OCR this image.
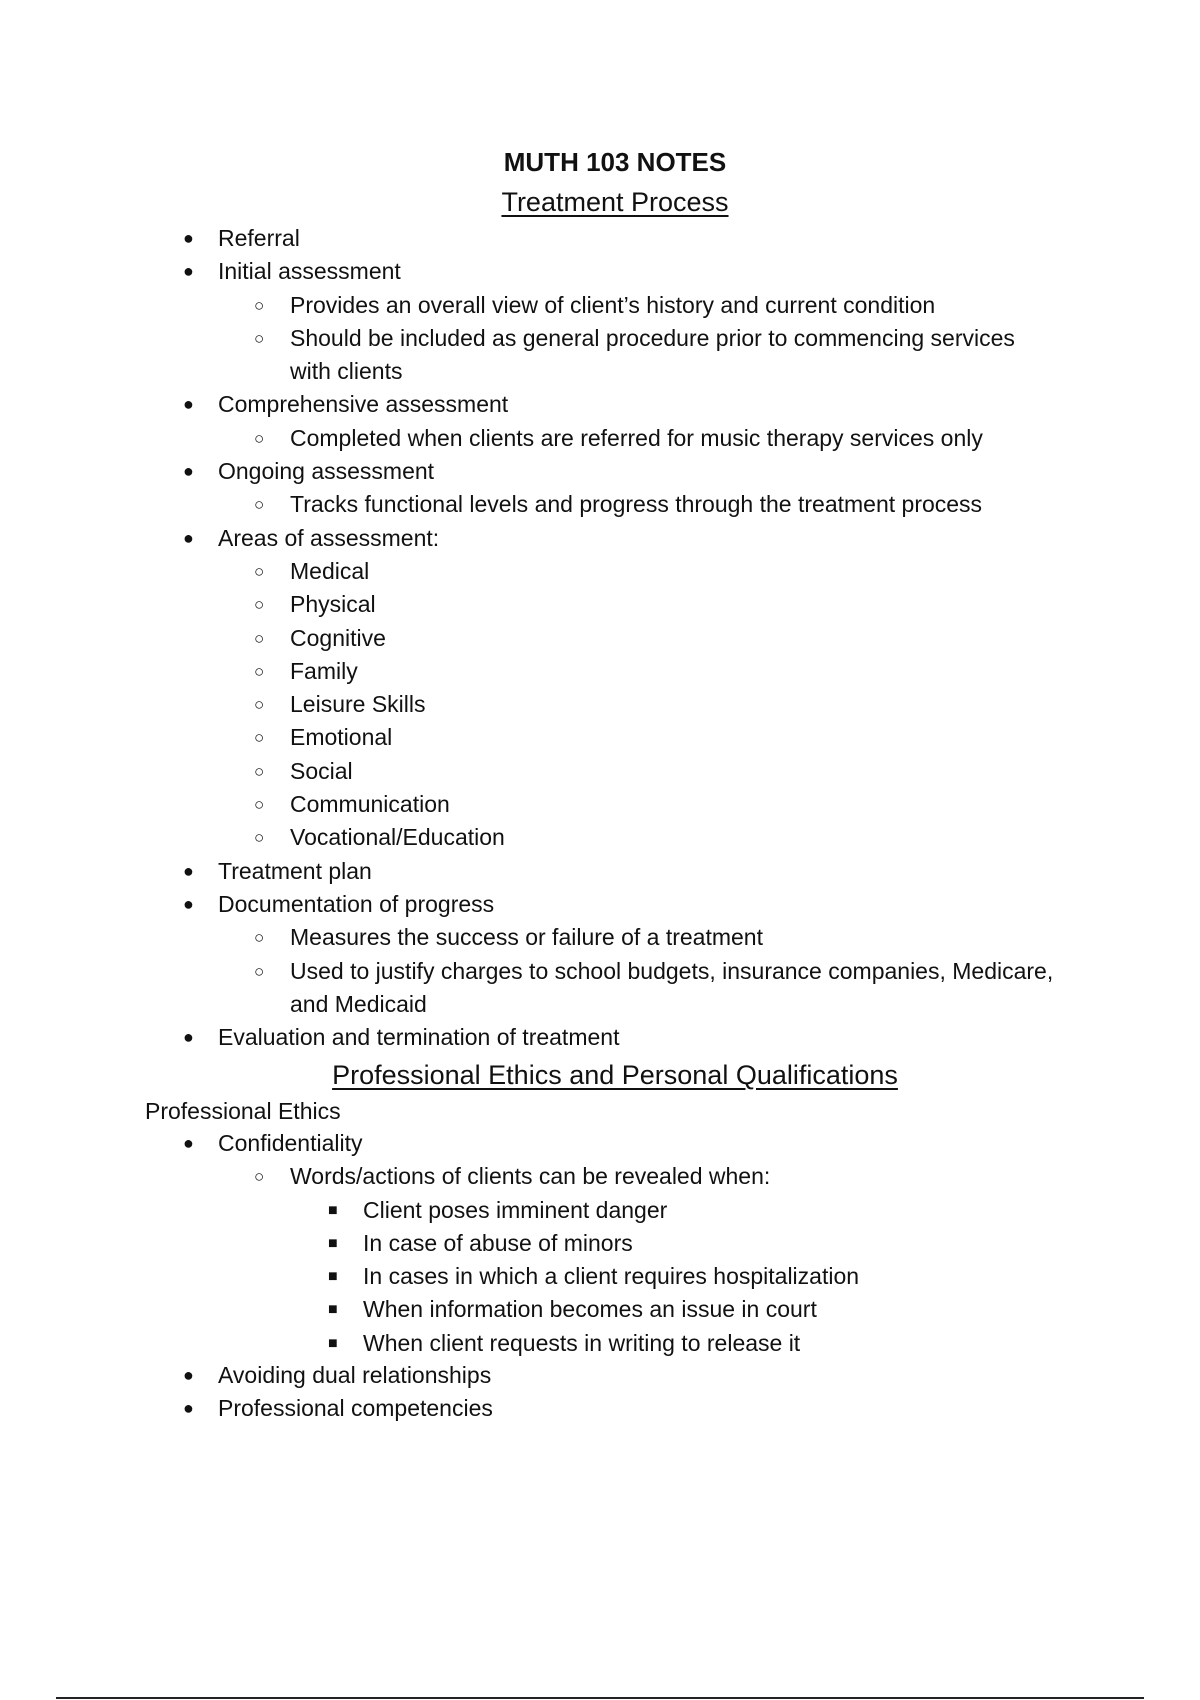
MUTH 103 NOTES
Treatment Process
● Referral
● Initial assessment
○ Provides an overall view of client’s history and current condition
○ Should be included as general procedure prior to commencing services with clients
● Comprehensive assessment
○ Completed when clients are referred for music therapy services only
● Ongoing assessment
○ Tracks functional levels and progress through the treatment process
● Areas of assessment:
○ Medical
○ Physical
○ Cognitive
○ Family
○ Leisure Skills
○ Emotional
○ Social
○ Communication
○ Vocational/Education
● Treatment plan
● Documentation of progress
○ Measures the success or failure of a treatment
○ Used to justify charges to school budgets, insurance companies, Medicare, and Medicaid
● Evaluation and termination of treatment
Professional Ethics and Personal Qualifications
Professional Ethics
● Confidentiality
○ Words/actions of clients can be revealed when:
■ Client poses imminent danger
■ In case of abuse of minors
■ In cases in which a client requires hospitalization
■ When information becomes an issue in court
■ When client requests in writing to release it
● Avoiding dual relationships
● Professional competencies
